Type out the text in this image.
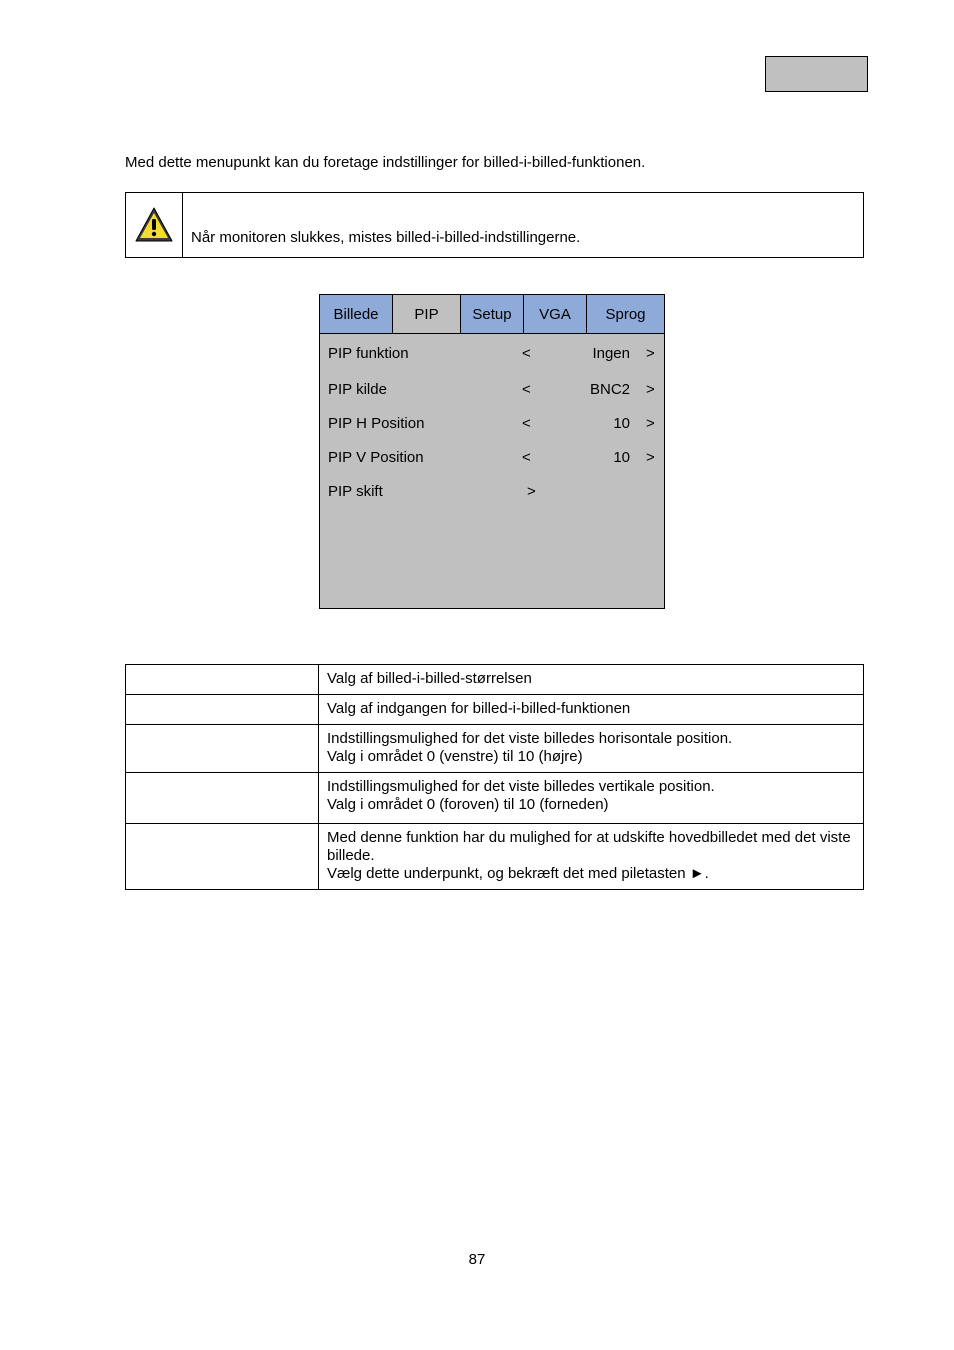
Med dette menupunkt kan du foretage indstillinger for billed-i-billed-funktionen.

Når monitoren slukkes, mistes billed-i-billed-indstillingerne.
Billede	PIP	Setup	VGA	Sprog
PIP funktion	<	Ingen >
PIP kilde	<	BNC2 >
PIP H Position	<	10 >
PIP V Position	<	10 >
PIP skift	>

	Valg af billed-i-billed-størrelsen

	Valg af indgangen for billed-i-billed-funktionen

	Indstillingsmulighed for det viste billedes horisontale position.
Valg i området 0 (venstre) til 10 (højre)

	Indstillingsmulighed for det viste billedes vertikale position.
Valg i området 0 (foroven) til 10 (forneden)

	Med denne funktion har du mulighed for at udskifte hovedbilledet med det viste billede.
Vælg dette underpunkt, og bekræft det med piletasten ►.
87
